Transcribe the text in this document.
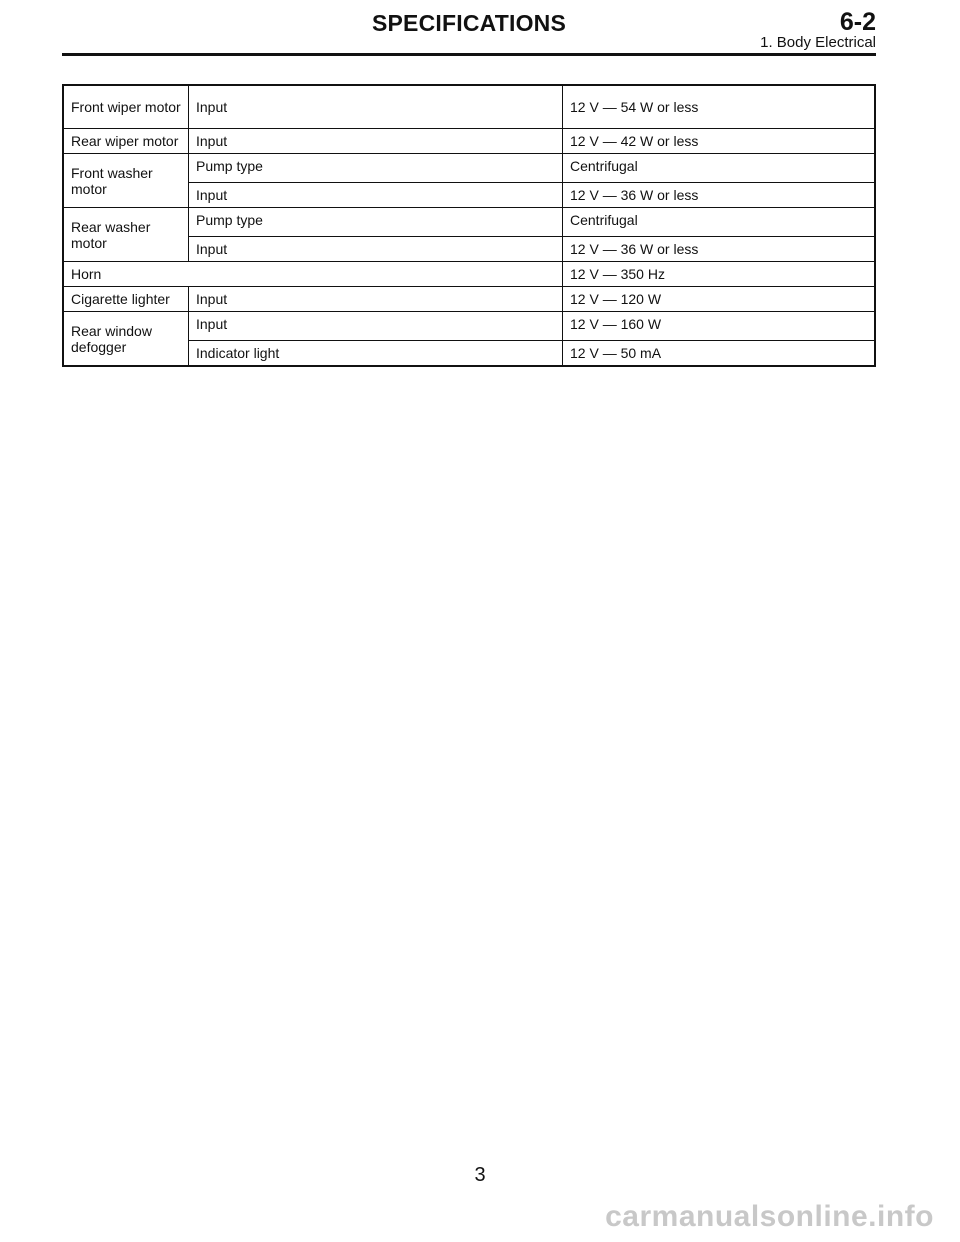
SPECIFICATIONS	6-2
1. Body Electrical
Front wiper motor	Input	12 V — 54 W or less
Rear wiper motor	Input	12 V — 42 W or less
Front washer motor	Pump type	Centrifugal
	Input	12 V — 36 W or less
Rear washer motor	Pump type	Centrifugal
	Input	12 V — 36 W or less
Horn		12 V — 350 Hz
Cigarette lighter	Input	12 V — 120 W
Rear window defogger	Input	12 V — 160 W
	Indicator light	12 V — 50 mA
3
carmanualsonline.info
